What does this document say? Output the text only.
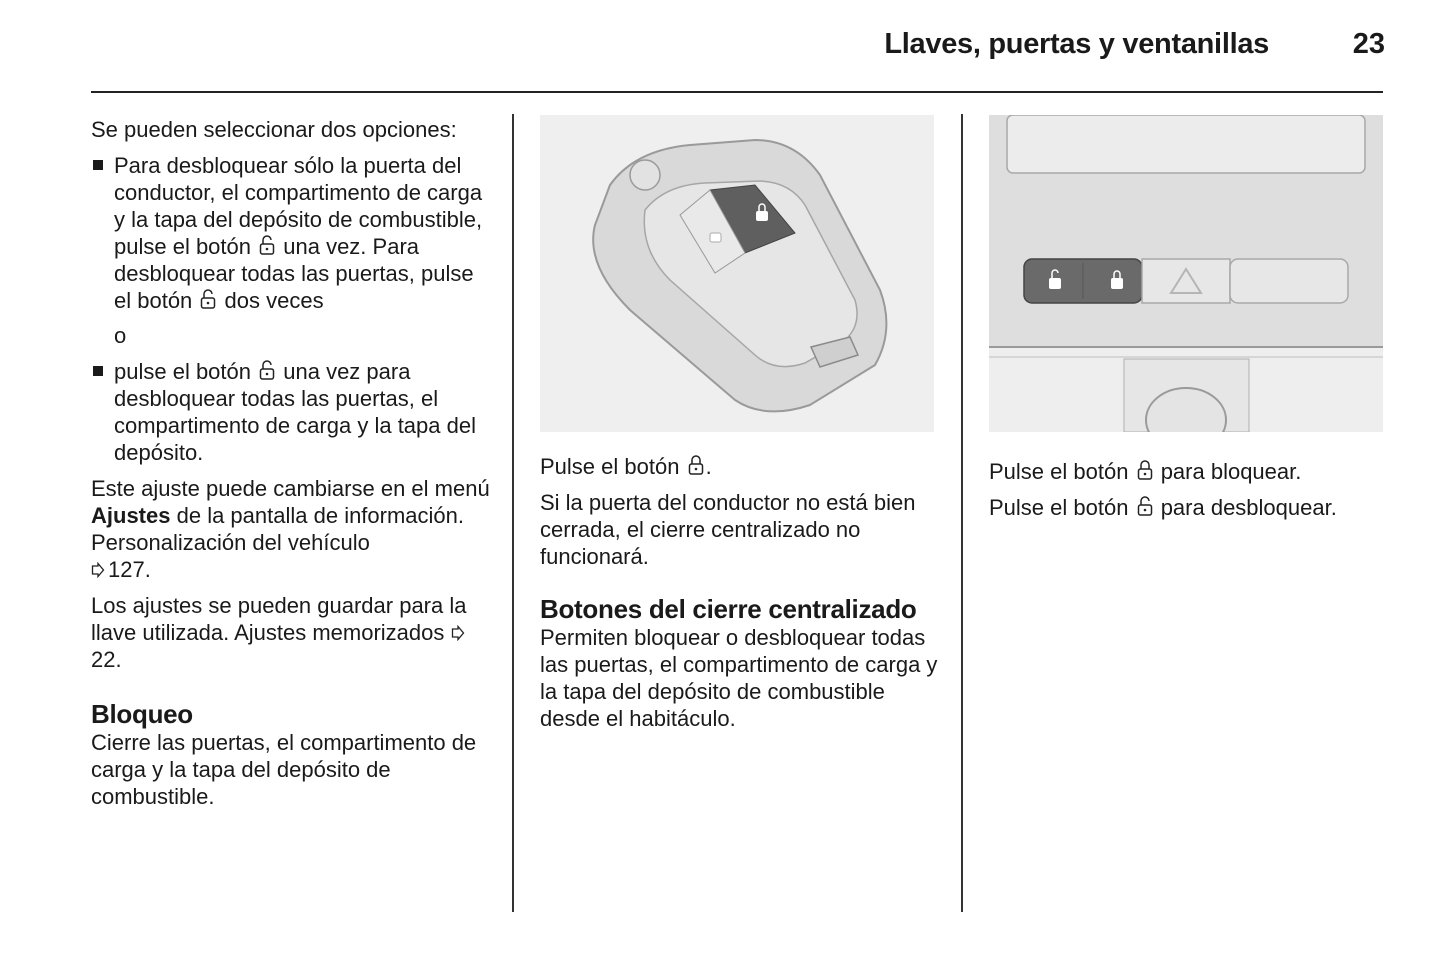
Llaves, puertas y ventanillas	23

Se pueden seleccionar dos opciones:

Para desbloquear sólo la puerta del conductor, el compartimento de carga y la tapa del depósito de combustible, pulse el botón una vez. Para desbloquear todas las puertas, pulse el botón dos veces
o
pulse el botón una vez para desbloquear todas las puertas, el compartimento de carga y la tapa del depósito.

Este ajuste puede cambiarse en el menú Ajustes de la pantalla de información. Personalización del vehículo
127.

Los ajustes se pueden guardar para la llave utilizada. Ajustes memorizados 22.

Bloqueo

Cierre las puertas, el compartimento de carga y la tapa del depósito de combustible.

Pulse el botón .

Si la puerta del conductor no está bien cerrada, el cierre centralizado no funcionará.

Botones del cierre centralizado

Permiten bloquear o desbloquear todas las puertas, el compartimento de carga y la tapa del depósito de combustible desde el habitáculo.

Pulse el botón para bloquear.

Pulse el botón para desbloquear.
